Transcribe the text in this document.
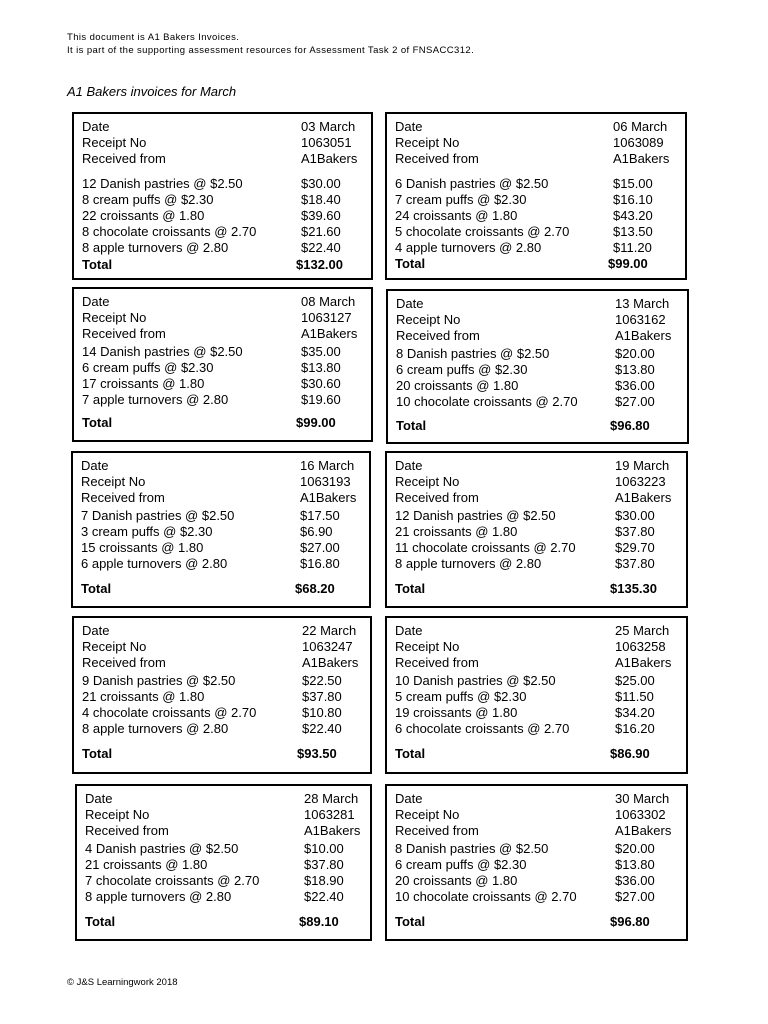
This document is A1 Bakers Invoices.
It is part of the supporting assessment resources for Assessment Task 2 of FNSACC312.
A1 Bakers invoices for March
Date	03 March
Receipt No	1063051
Received from	A1Bakers
12 Danish pastries @ $2.50	$30.00
8 cream puffs @ $2.30	$18.40
22 croissants @ 1.80	$39.60
8 chocolate croissants @ 2.70	$21.60
8 apple turnovers @ 2.80	$22.40
Total	$132.00
Date	06 March
Receipt No	1063089
Received from	A1Bakers
6 Danish pastries @ $2.50	$15.00
7 cream puffs @ $2.30	$16.10
24 croissants @ 1.80	$43.20
5 chocolate croissants @ 2.70	$13.50
4 apple turnovers @ 2.80	$11.20
Total	$99.00
Date	08 March
Receipt No	1063127
Received from	A1Bakers
14 Danish pastries @ $2.50	$35.00
6 cream puffs @ $2.30	$13.80
17 croissants @ 1.80	$30.60
7 apple turnovers @ 2.80	$19.60
Total	$99.00
Date	13 March
Receipt No	1063162
Received from	A1Bakers
8 Danish pastries @ $2.50	$20.00
6 cream puffs @ $2.30	$13.80
20 croissants @ 1.80	$36.00
10 chocolate croissants @ 2.70	$27.00
Total	$96.80
Date	16 March
Receipt No	1063193
Received from	A1Bakers
7 Danish pastries @ $2.50	$17.50
3 cream puffs @ $2.30	$6.90
15 croissants @ 1.80	$27.00
6 apple turnovers @ 2.80	$16.80
Total	$68.20
Date	19 March
Receipt No	1063223
Received from	A1Bakers
12 Danish pastries @ $2.50	$30.00
21 croissants @ 1.80	$37.80
11 chocolate croissants @ 2.70	$29.70
8 apple turnovers @ 2.80	$37.80
Total	$135.30
Date	22 March
Receipt No	1063247
Received from	A1Bakers
9 Danish pastries @ $2.50	$22.50
21 croissants @ 1.80	$37.80
4 chocolate croissants @ 2.70	$10.80
8 apple turnovers @ 2.80	$22.40
Total	$93.50
Date	25 March
Receipt No	1063258
Received from	A1Bakers
10 Danish pastries @ $2.50	$25.00
5 cream puffs @ $2.30	$11.50
19 croissants @ 1.80	$34.20
6 chocolate croissants @ 2.70	$16.20
Total	$86.90
Date	28 March
Receipt No	1063281
Received from	A1Bakers
4 Danish pastries @ $2.50	$10.00
21 croissants @ 1.80	$37.80
7 chocolate croissants @ 2.70	$18.90
8 apple turnovers @ 2.80	$22.40
Total	$89.10
Date	30 March
Receipt No	1063302
Received from	A1Bakers
8 Danish pastries @ $2.50	$20.00
6 cream puffs @ $2.30	$13.80
20 croissants @ 1.80	$36.00
10 chocolate croissants @ 2.70	$27.00
Total	$96.80
© J&S Learningwork 2018
